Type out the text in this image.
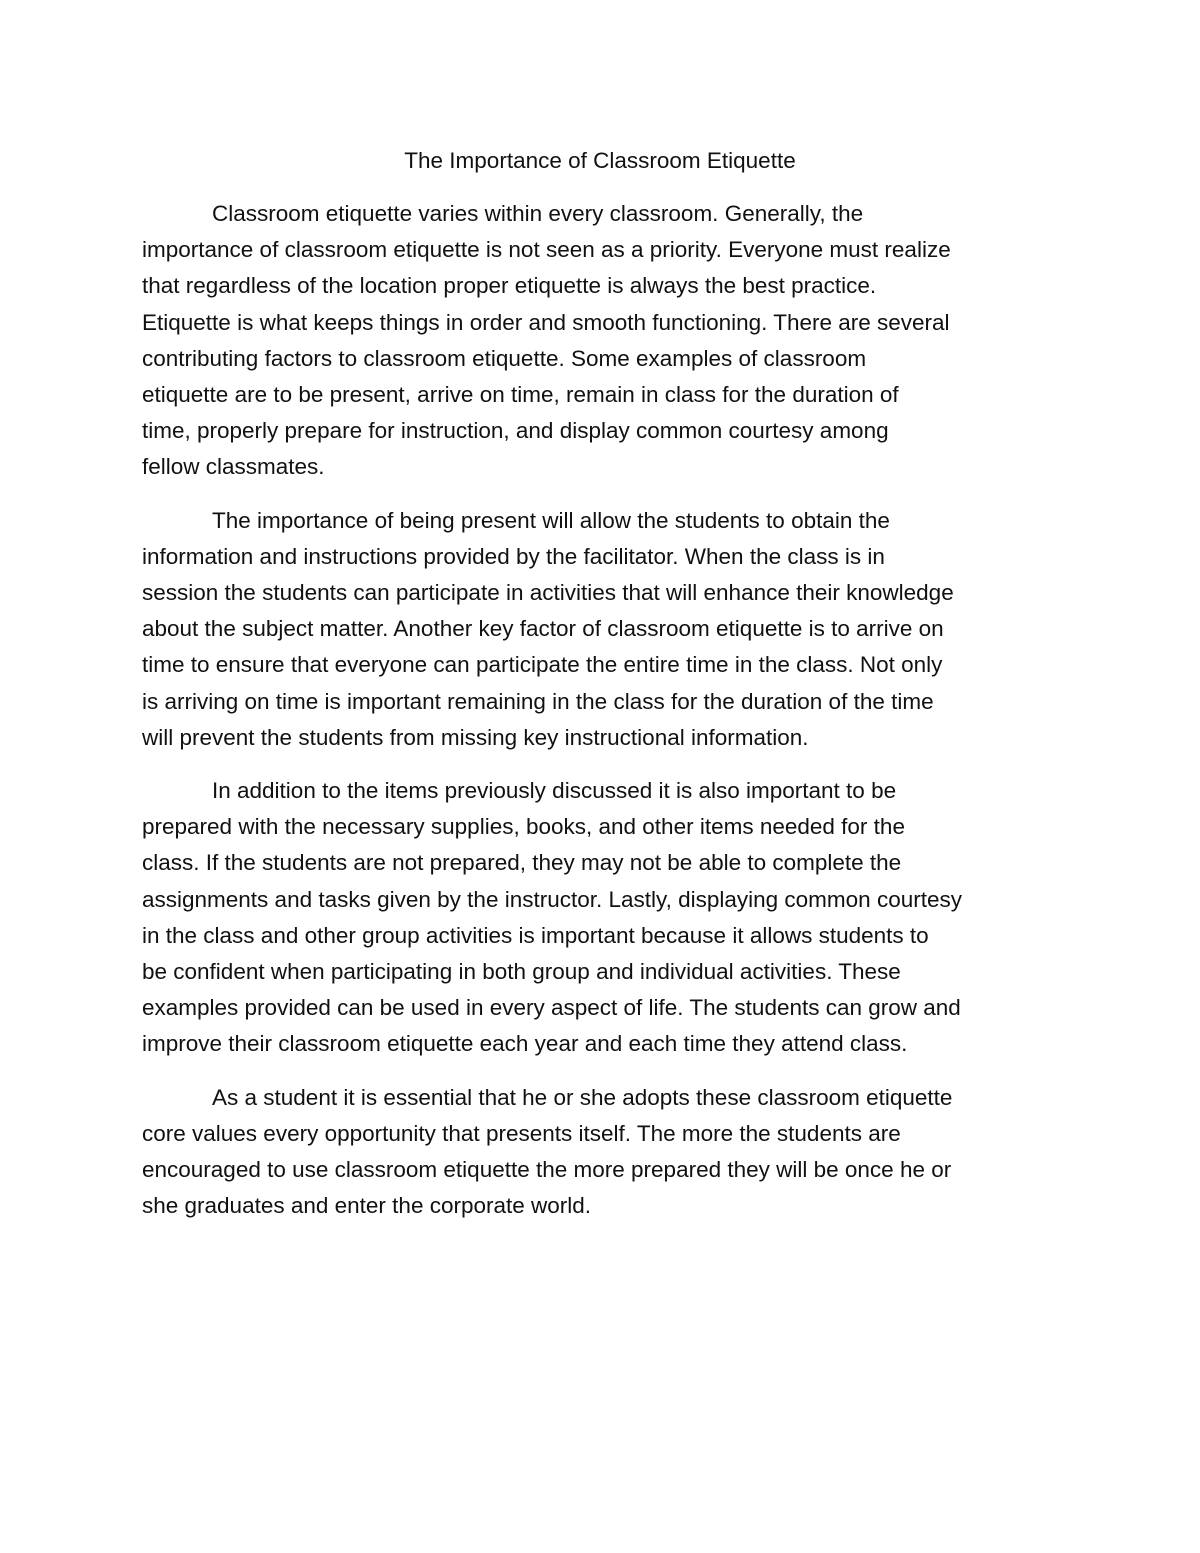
The Importance of Classroom Etiquette

Classroom etiquette varies within every classroom. Generally, the
importance of classroom etiquette is not seen as a priority. Everyone must realize
that regardless of the location proper etiquette is always the best practice.
Etiquette is what keeps things in order and smooth functioning. There are several
contributing factors to classroom etiquette. Some examples of classroom
etiquette are to be present, arrive on time, remain in class for the duration of
time, properly prepare for instruction, and display common courtesy among
fellow classmates.

The importance of being present will allow the students to obtain the
information and instructions provided by the facilitator. When the class is in
session the students can participate in activities that will enhance their knowledge
about the subject matter. Another key factor of classroom etiquette is to arrive on
time to ensure that everyone can participate the entire time in the class. Not only
is arriving on time is important remaining in the class for the duration of the time
will prevent the students from missing key instructional information.

In addition to the items previously discussed it is also important to be
prepared with the necessary supplies, books, and other items needed for the
class. If the students are not prepared, they may not be able to complete the
assignments and tasks given by the instructor. Lastly, displaying common courtesy
in the class and other group activities is important because it allows students to
be confident when participating in both group and individual activities. These
examples provided can be used in every aspect of life. The students can grow and
improve their classroom etiquette each year and each time they attend class.

As a student it is essential that he or she adopts these classroom etiquette
core values every opportunity that presents itself. The more the students are
encouraged to use classroom etiquette the more prepared they will be once he or
she graduates and enter the corporate world.
